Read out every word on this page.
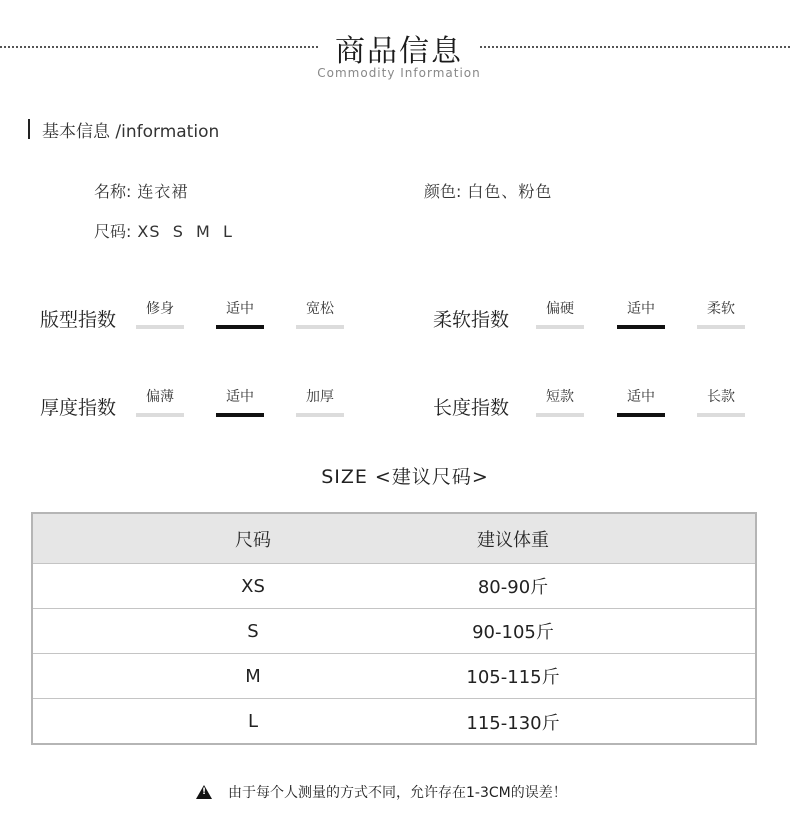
商品信息
Commodity Information
基本信息 /information
名称: 连衣裙	颜色: 白色、粉色
尺码: XS  S  M  L
版型指数	修身	适中	宽松	柔软指数	偏硬	适中	柔软
厚度指数	偏薄	适中	加厚	长度指数	短款	适中	长款
SIZE <建议尺码>
尺码	建议体重
XS	80-90斤
S	90-105斤
M	105-115斤
L	115-130斤
!
由于每个人测量的方式不同，允许存在1-3CM的误差！
